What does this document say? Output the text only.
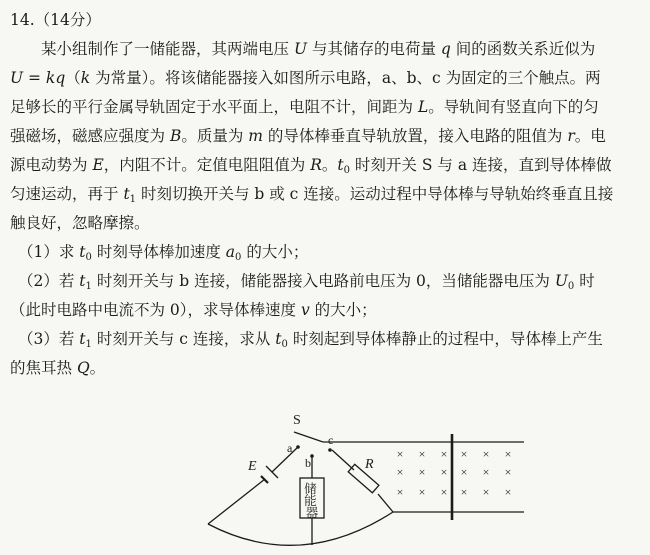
14.（14分）
某小组制作了一储能器，其两端电压 U 与其储存的电荷量 q 间的函数关系近似为
U = kq（k 为常量）。将该储能器接入如图所示电路，a、b、c 为固定的三个触点。两
足够长的平行金属导轨固定于水平面上，电阻不计，间距为 L。导轨间有竖直向下的匀
强磁场，磁感应强度为 B。质量为 m 的导体棒垂直导轨放置，接入电路的阻值为 r。电
源电动势为 E，内阻不计。定值电阻阻值为 R。$t_0$ 时刻开关 S 与 a 连接，直到导体棒做
匀速运动，再于 $t_1$ 时刻切换开关与 b 或 c 连接。运动过程中导体棒与导轨始终垂直且接
触良好，忽略摩擦。
（1）求 $t_0$ 时刻导体棒加速度 $a_0$ 的大小；
（2）若 $t_1$ 时刻开关与 b 连接，储能器接入电路前电压为 0，当储能器电压为 $U_0$ 时
（此时电路中电流不为 0），求导体棒速度 v 的大小；
（3）若 $t_1$ 时刻开关与 c 连接，求从 $t_0$ 时刻起到导体棒静止的过程中，导体棒上产生
的焦耳热 Q。
S
a
b
c
E	R
储 能 器
× × × × × ×
× × × × × ×
× × × × × ×
